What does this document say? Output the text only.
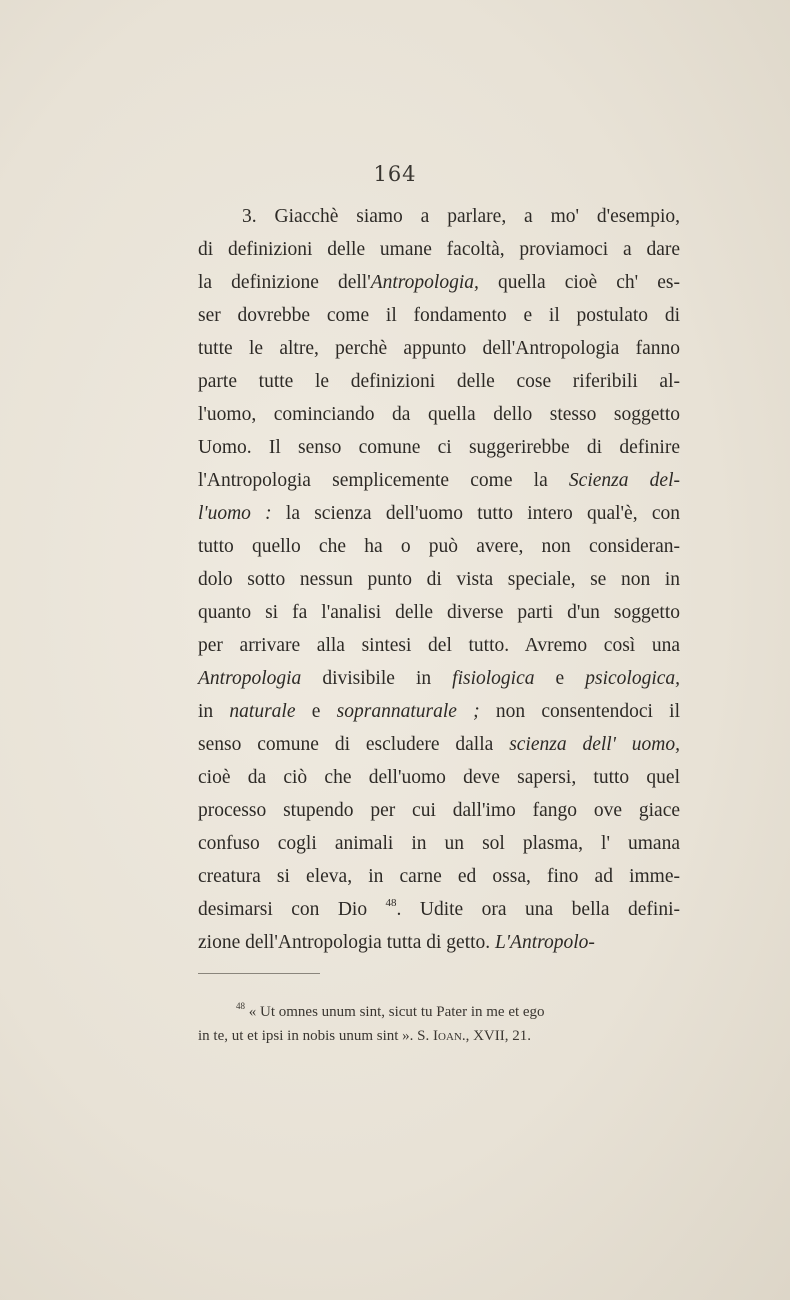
164
3. Giacchè siamo a parlare, a mo' d'esempio,
di definizioni delle umane facoltà, proviamoci a dare
la definizione dell'Antropologia, quella cioè ch' es-
ser dovrebbe come il fondamento e il postulato di
tutte le altre, perchè appunto dell'Antropologia fanno
parte tutte le definizioni delle cose riferibili al-
l'uomo, cominciando da quella dello stesso soggetto
Uomo. Il senso comune ci suggerirebbe di definire
l'Antropologia semplicemente come la Scienza del-
l'uomo : la scienza dell'uomo tutto intero qual'è, con
tutto quello che ha o può avere, non consideran-
dolo sotto nessun punto di vista speciale, se non in
quanto si fa l'analisi delle diverse parti d'un soggetto
per arrivare alla sintesi del tutto. Avremo così una
Antropologia divisibile in fisiologica e psicologica,
in naturale e soprannaturale ; non consentendoci il
senso comune di escludere dalla scienza dell' uomo,
cioè da ciò che dell'uomo deve sapersi, tutto quel
processo stupendo per cui dall'imo fango ove giace
confuso cogli animali in un sol plasma, l' umana
creatura si eleva, in carne ed ossa, fino ad imme-
desimarsi con Dio $^{48}$. Udite ora una bella defini-
zione dell'Antropologia tutta di getto. L'Antropolo-
$^{48}$ « Ut omnes unum sint, sicut tu Pater in me et ego
in te, ut et ipsi in nobis unum sint ». S. Ioan., XVII, 21.
